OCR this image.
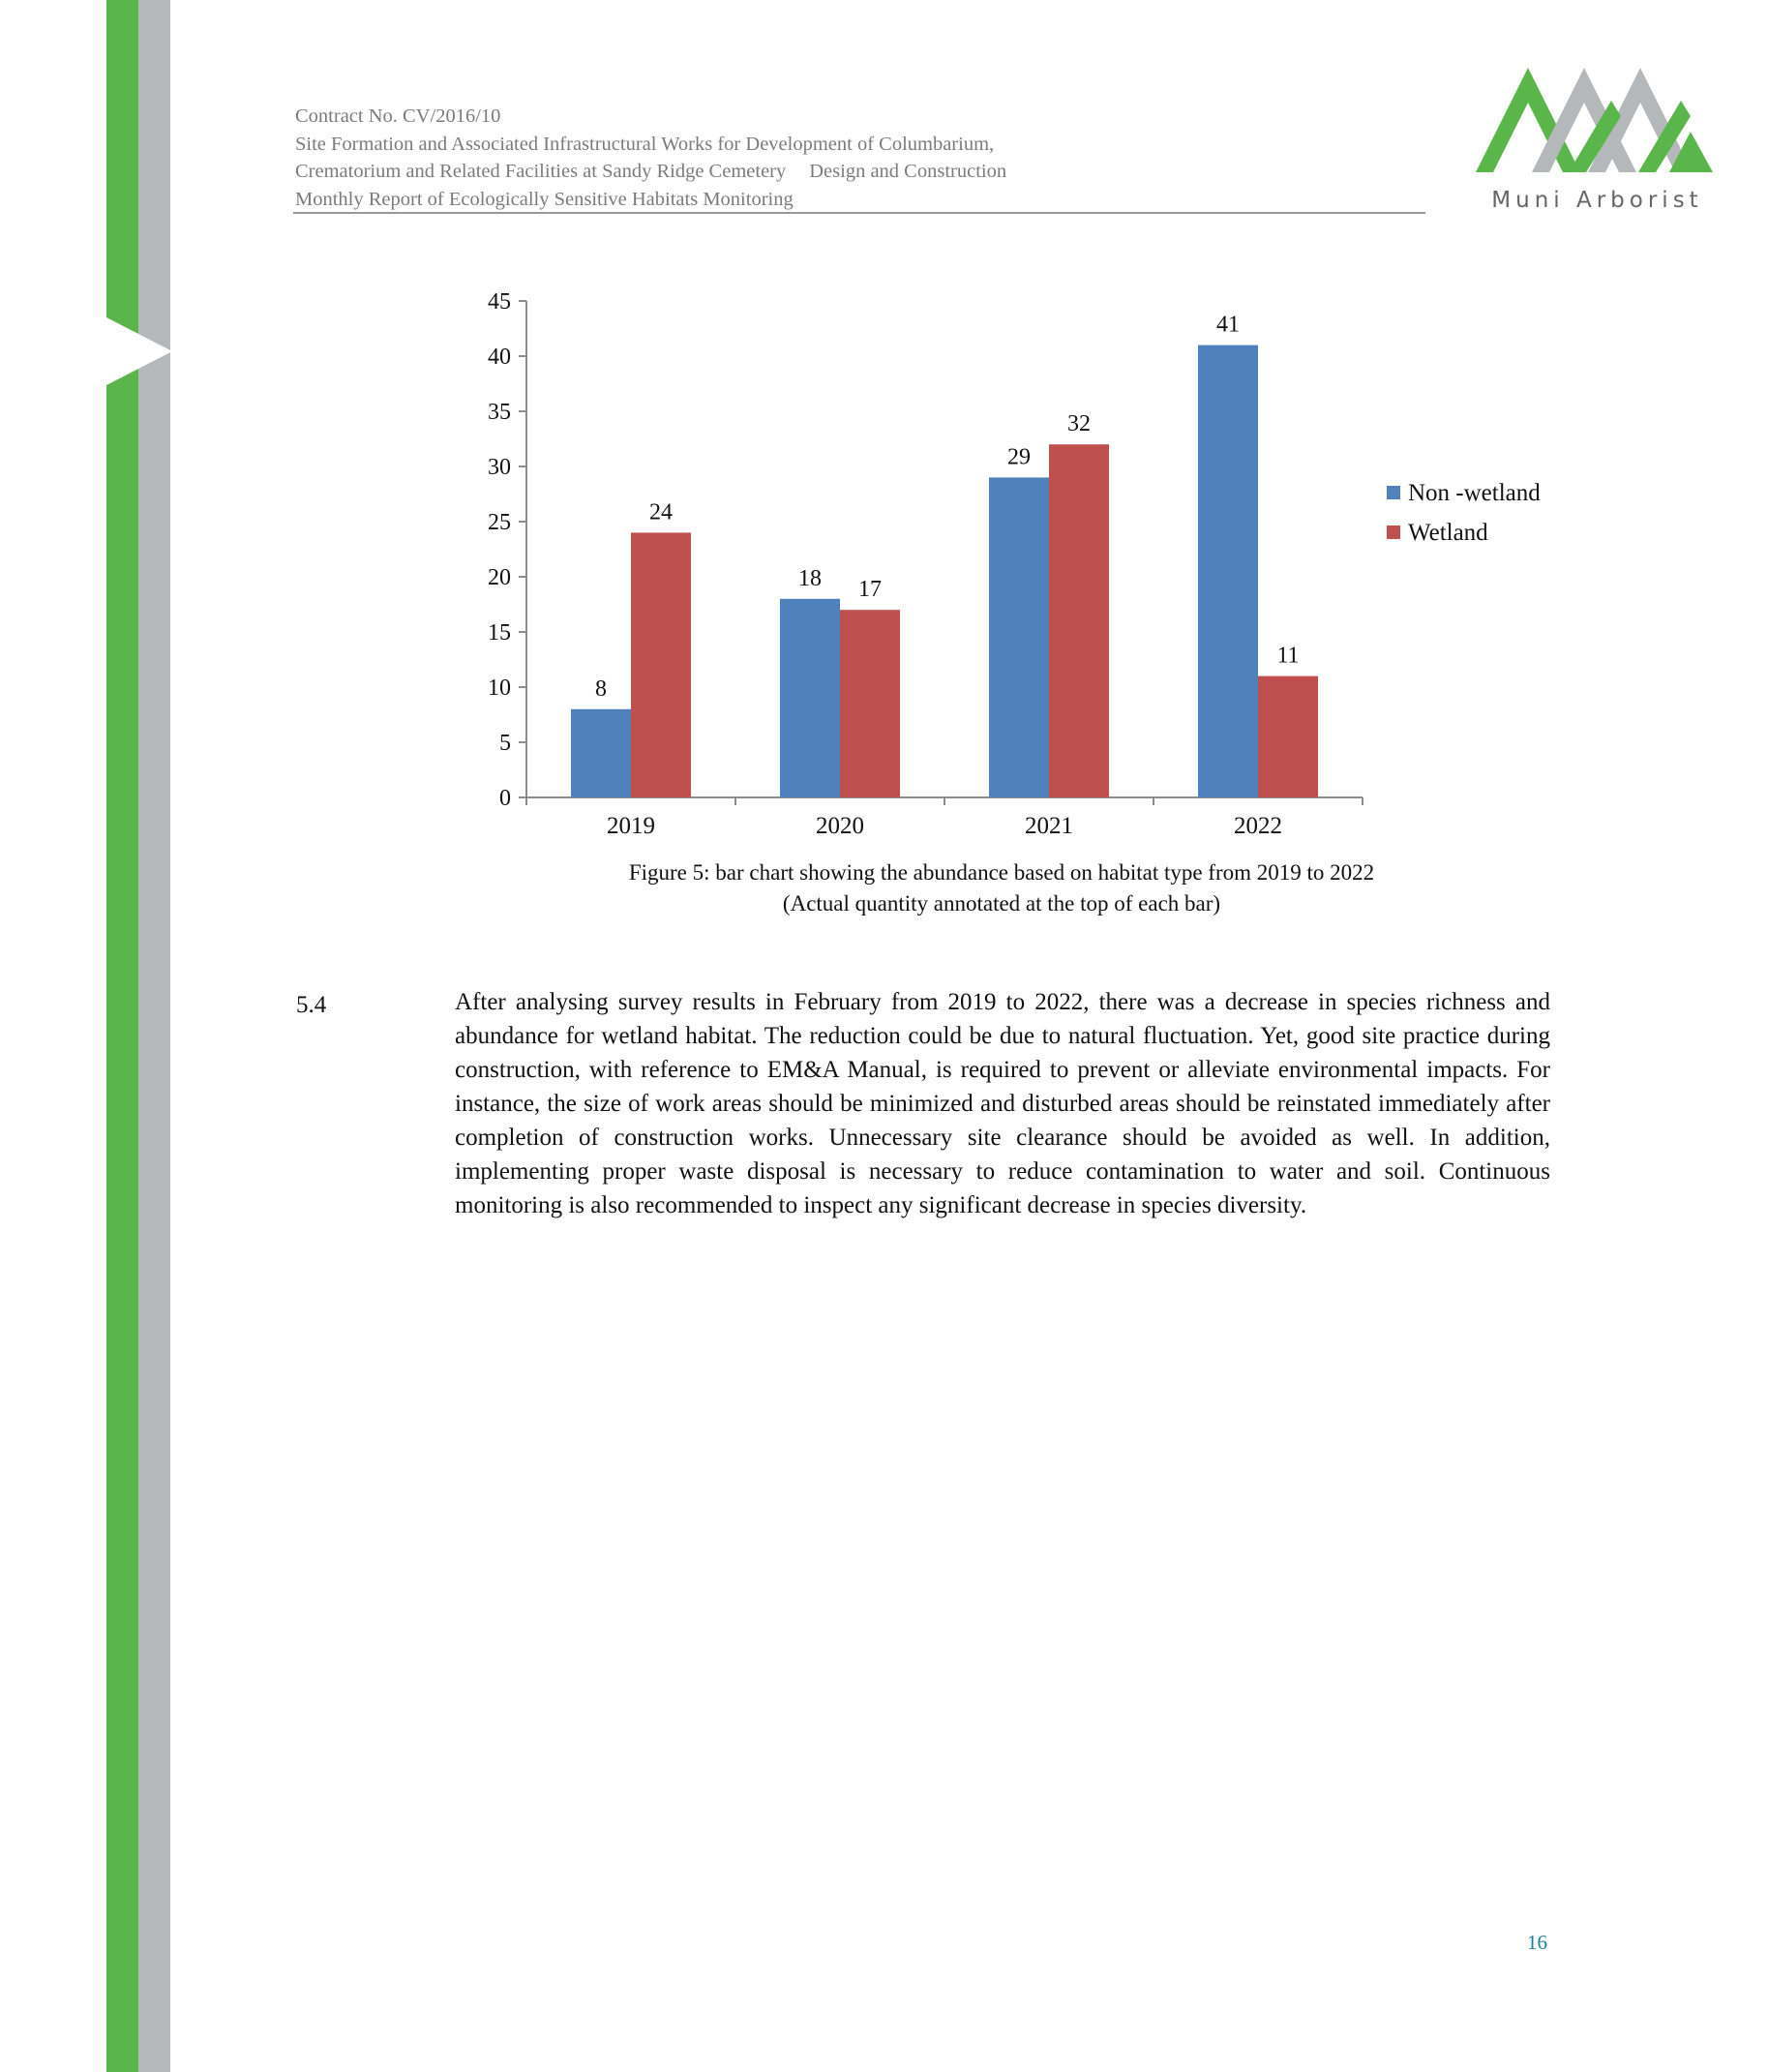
Contract No. CV/2016/10
Site Formation and Associated Infrastructural Works for Development of Columbarium,
Crematorium and Related Facilities at Sandy Ridge Cemetery Design and Construction
Monthly Report of Ecologically Sensitive Habitats Monitoring	Muni Arborist
0
5
10
15
20
25
30
35
40
45
2019
8
24
2020
18 17
2021
29
32
2022
41
11
Non -wetland
Wetland
Figure 5: bar chart showing the abundance based on habitat type from 2019 to 2022
(Actual quantity annotated at the top of each bar)
5.4	After analysing survey results in February from 2019 to 2022, there was a decrease in species richness and abundance for wetland habitat. The reduction could be due to natural fluctuation. Yet, good site practice during construction, with reference to EM&A Manual, is required to prevent or alleviate environmental impacts. For instance, the size of work areas should be minimized and disturbed areas should be reinstated immediately after completion of construction works. Unnecessary site clearance should be avoided as well. In addition, implementing proper waste disposal is necessary to reduce contamination to water and soil. Continuous monitoring is also recommended to inspect any significant decrease in species diversity.
16
